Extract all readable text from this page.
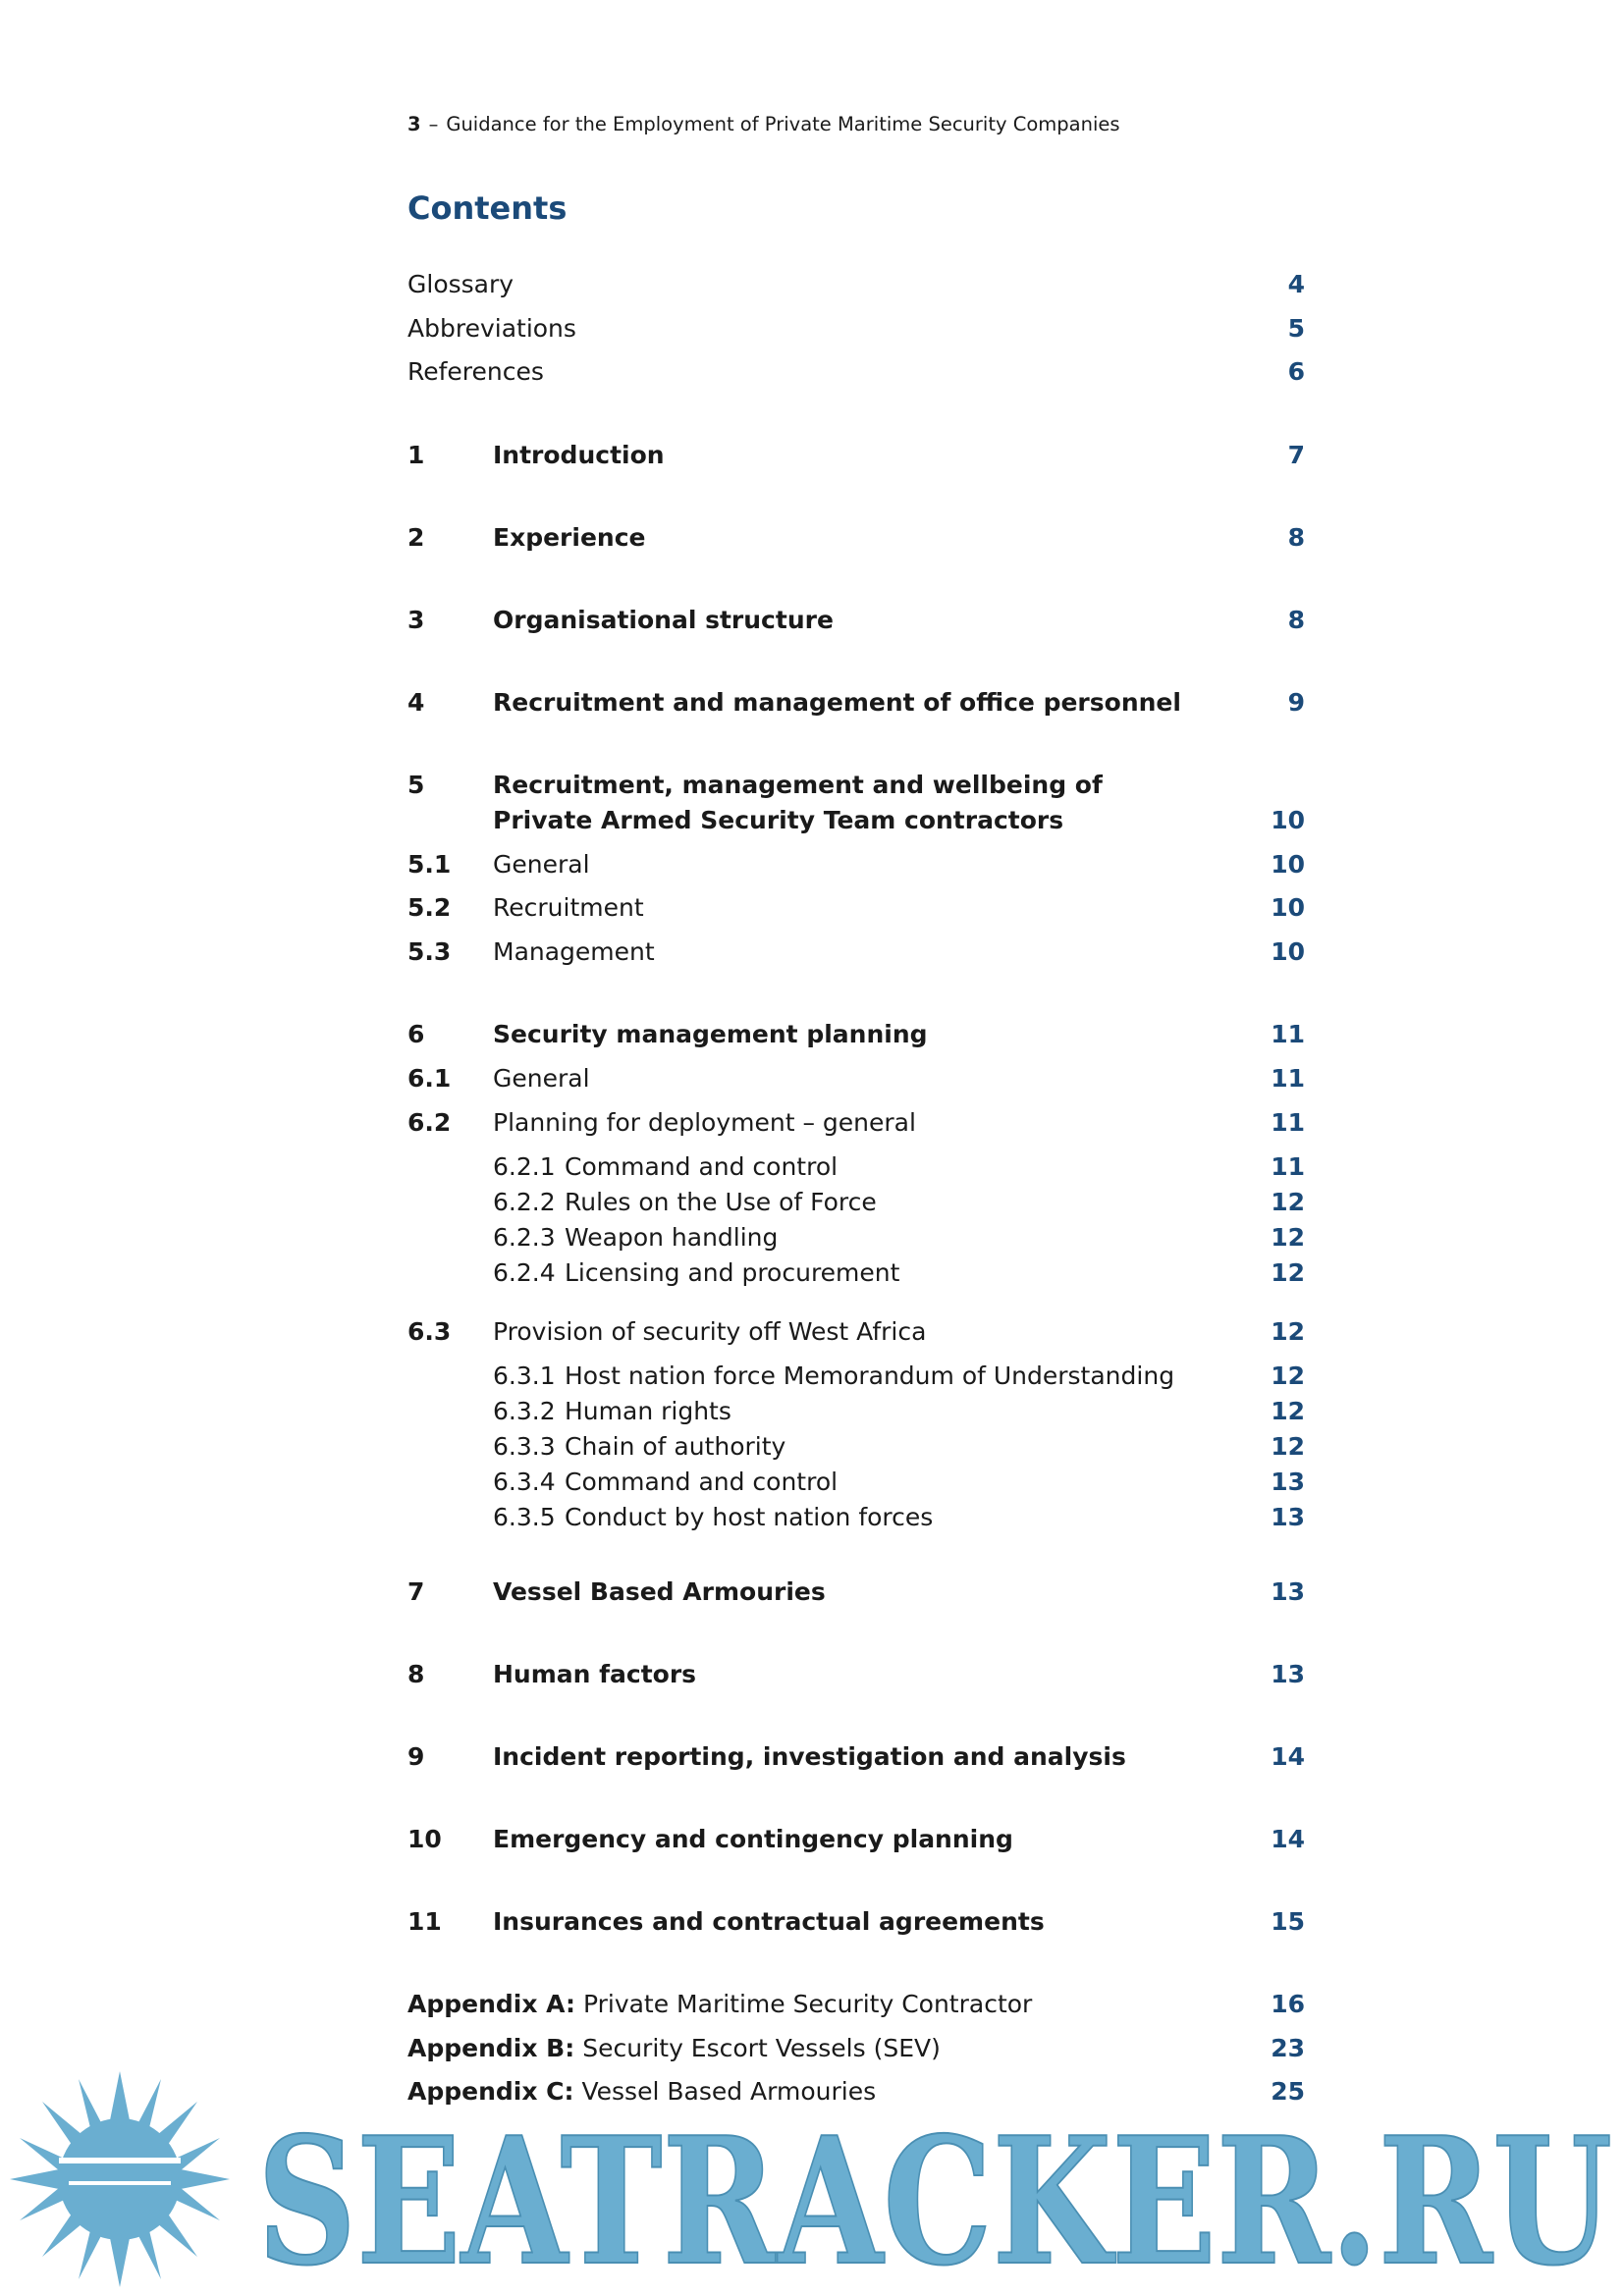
3 – Guidance for the Employment of Private Maritime Security Companies
Contents
Glossary	4
Abbreviations	5
References	6
1	Introduction	7
2	Experience	8
3	Organisational structure	8
4	Recruitment and management of office personnel	9
5	Recruitment, management and wellbeing of
Private Armed Security Team contractors	10
5.1 General	10
5.2 Recruitment	10
5.3 Management	10
6	Security management planning	11
6.1 General	11
6.2 Planning for deployment – general	11
6.2.1 Command and control	11
6.2.2 Rules on the Use of Force	12
6.2.3 Weapon handling	12
6.2.4 Licensing and procurement	12
6.3 Provision of security off West Africa	12
6.3.1 Host nation force Memorandum of Understanding	12
6.3.2 Human rights	12
6.3.3 Chain of authority	12
6.3.4 Command and control	13
6.3.5 Conduct by host nation forces	13
7	Vessel Based Armouries	13
8	Human factors	13
9	Incident reporting, investigation and analysis	14
10 Emergency and contingency planning	14
11 Insurances and contractual agreements	15
Appendix A: Private Maritime Security Contractor	16
Appendix B: Security Escort Vessels (SEV)	23
Appendix C: Vessel Based Armouries	25
SEATRACKER.RU
